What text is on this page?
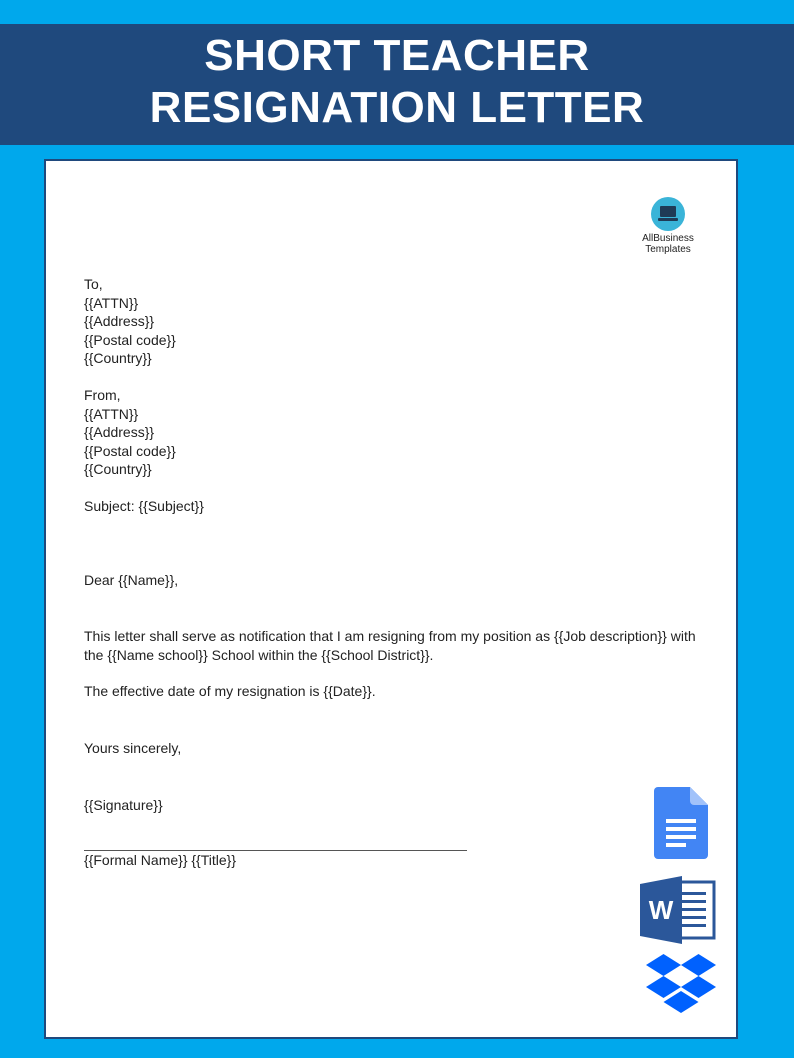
SHORT TEACHER
RESIGNATION LETTER
AllBusiness
Templates

To,

{{ATTN}}

{{Address}}

{{Postal code}}

{{Country}}

From,

{{ATTN}}

{{Address}}

{{Postal code}}

{{Country}}

Subject: {{Subject}}

Dear {{Name}},

This letter shall serve as notification that I am resigning from my position as {{Job description}} with

the {{Name school}} School within the {{School District}}.

The effective date of my resignation is {{Date}}.

Yours sincerely,

{{Signature}}

{{Formal Name}} {{Title}}

W
